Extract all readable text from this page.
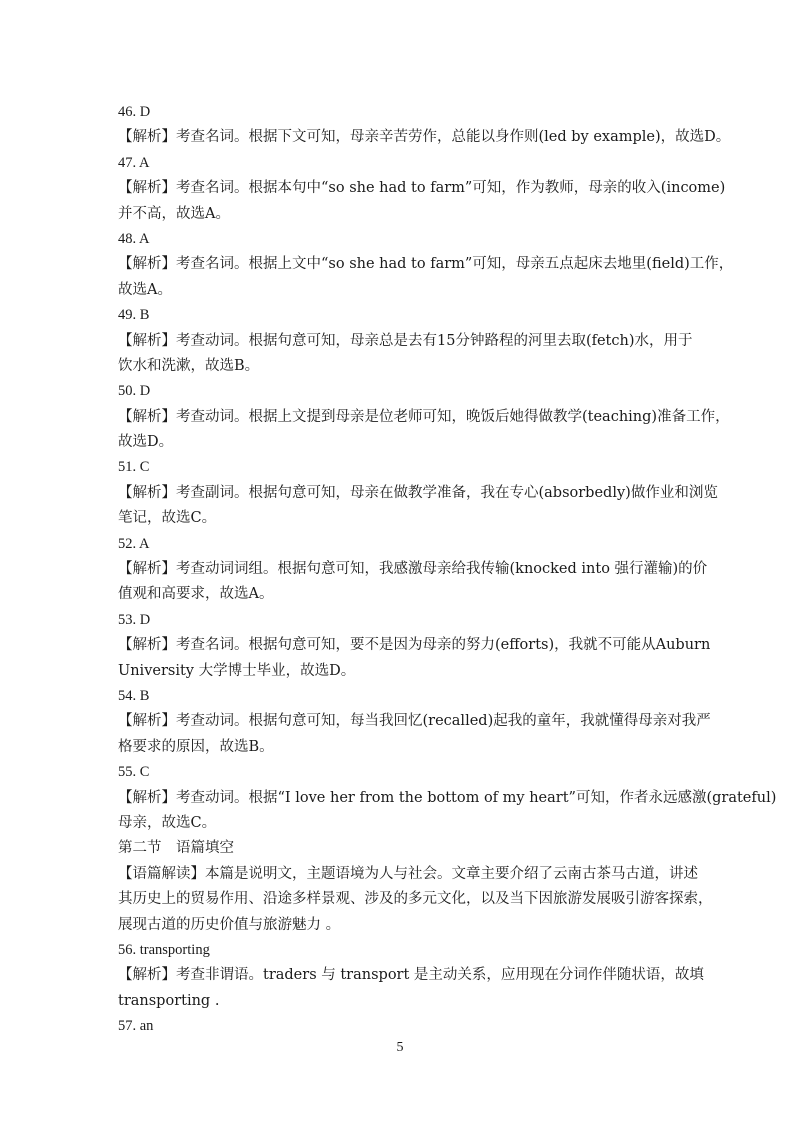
46. D
【解析】考查名词。根据下文可知，母亲辛苦劳作，总能以身作则(led by example)，故选D。
47. A
【解析】考查名词。根据本句中“so she had to farm”可知，作为教师，母亲的收入(income)
并不高，故选A。
48. A
【解析】考查名词。根据上文中“so she had to farm”可知，母亲五点起床去地里(field)工作，
故选A。
49. B
【解析】考查动词。根据句意可知，母亲总是去有15分钟路程的河里去取(fetch)水，用于
饮水和洗漱，故选B。
50. D
【解析】考查动词。根据上文提到母亲是位老师可知，晚饭后她得做教学(teaching)准备工作，
故选D。
51. C
【解析】考查副词。根据句意可知，母亲在做教学准备，我在专心(absorbedly)做作业和浏览
笔记，故选C。
52. A
【解析】考查动词词组。根据句意可知，我感激母亲给我传输(knocked into 强行灌输)的价
值观和高要求，故选A。
53. D
【解析】考查名词。根据句意可知，要不是因为母亲的努力(efforts)，我就不可能从Auburn
University 大学博士毕业，故选D。
54. B
【解析】考查动词。根据句意可知，每当我回忆(recalled)起我的童年，我就懂得母亲对我严
格要求的原因，故选B。
55. C
【解析】考查动词。根据“I love her from the bottom of my heart”可知，作者永远感激(grateful)
母亲，故选C。
第二节　语篇填空
【语篇解读】本篇是说明文，主题语境为人与社会。文章主要介绍了云南古茶马古道，讲述
其历史上的贸易作用、沿途多样景观、涉及的多元文化，以及当下因旅游发展吸引游客探索，
展现古道的历史价值与旅游魅力 。
56. transporting
【解析】考查非谓语。traders 与 transport 是主动关系，应用现在分词作伴随状语，故填
transporting .
57. an
5
